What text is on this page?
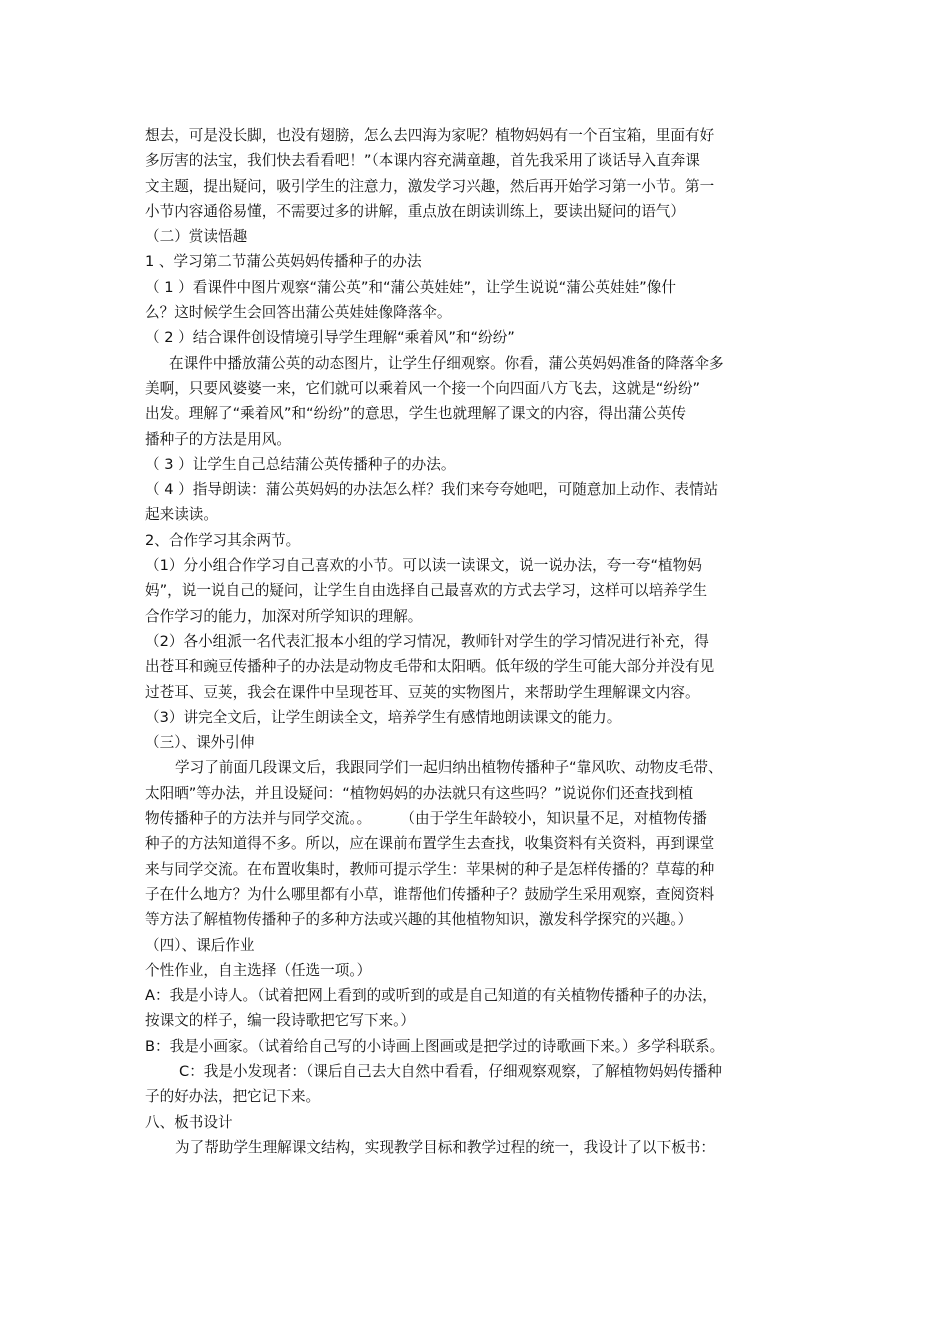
想去，可是没长脚，也没有翅膀，怎么去四海为家呢？植物妈妈有一个百宝箱，里面有好
多厉害的法宝，我们快去看看吧！”（本课内容充满童趣，首先我采用了谈话导入直奔课
文主题，提出疑问，吸引学生的注意力，激发学习兴趣，然后再开始学习第一小节。第一
小节内容通俗易懂，不需要过多的讲解，重点放在朗读训练上，要读出疑问的语气）
（二）赏读悟趣
1 、学习第二节蒲公英妈妈传播种子的办法
（ 1 ）看课件中图片观察“蒲公英”和“蒲公英娃娃”，让学生说说“蒲公英娃娃”像什
么？这时候学生会回答出蒲公英娃娃像降落伞。
（ 2 ）结合课件创设情境引导学生理解“乘着风”和“纷纷”
在课件中播放蒲公英的动态图片，让学生仔细观察。你看，蒲公英妈妈准备的降落伞多
美啊，只要风婆婆一来，它们就可以乘着风一个接一个向四面八方飞去，这就是“纷纷”
出发。理解了“乘着风”和“纷纷”的意思，学生也就理解了课文的内容，得出蒲公英传
播种子的方法是用风。
（ 3 ）让学生自己总结蒲公英传播种子的办法。
（ 4 ）指导朗读：蒲公英妈妈的办法怎么样？我们来夸夸她吧，可随意加上动作、表情站
起来读读。
2、合作学习其余两节。
（1）分小组合作学习自己喜欢的小节。可以读一读课文，说一说办法，夸一夸“植物妈
妈”，说一说自己的疑问，让学生自由选择自己最喜欢的方式去学习，这样可以培养学生
合作学习的能力，加深对所学知识的理解。
（2）各小组派一名代表汇报本小组的学习情况，教师针对学生的学习情况进行补充，得
出苍耳和豌豆传播种子的办法是动物皮毛带和太阳晒。低年级的学生可能大部分并没有见
过苍耳、豆荚，我会在课件中呈现苍耳、豆荚的实物图片，来帮助学生理解课文内容。
（3）讲完全文后，让学生朗读全文，培养学生有感情地朗读课文的能力。
（三）、课外引伸
学习了前面几段课文后，我跟同学们一起归纳出植物传播种子“靠风吹、动物皮毛带、
太阳晒”等办法，并且设疑问：“植物妈妈的办法就只有这些吗？”说说你们还查找到植
物传播种子的方法并与同学交流。。　　　（由于学生年龄较小，知识量不足，对植物传播
种子的方法知道得不多。所以，应在课前布置学生去查找，收集资料有关资料，再到课堂
来与同学交流。在布置收集时，教师可提示学生：苹果树的种子是怎样传播的？草莓的种
子在什么地方？为什么哪里都有小草，谁帮他们传播种子？鼓励学生采用观察，查阅资料
等方法了解植物传播种子的多种方法或兴趣的其他植物知识，激发科学探究的兴趣。）
（四）、课后作业
个性作业，自主选择（任选一项。）
A：我是小诗人。（试着把网上看到的或听到的或是自己知道的有关植物传播种子的办法，
按课文的样子，编一段诗歌把它写下来。）
B：我是小画家。（试着给自己写的小诗画上图画或是把学过的诗歌画下来。）多学科联系。
C：我是小发现者：（课后自己去大自然中看看，仔细观察观察，了解植物妈妈传播种
子的好办法，把它记下来。
八、板书设计
为了帮助学生理解课文结构，实现教学目标和教学过程的统一，我设计了以下板书：
